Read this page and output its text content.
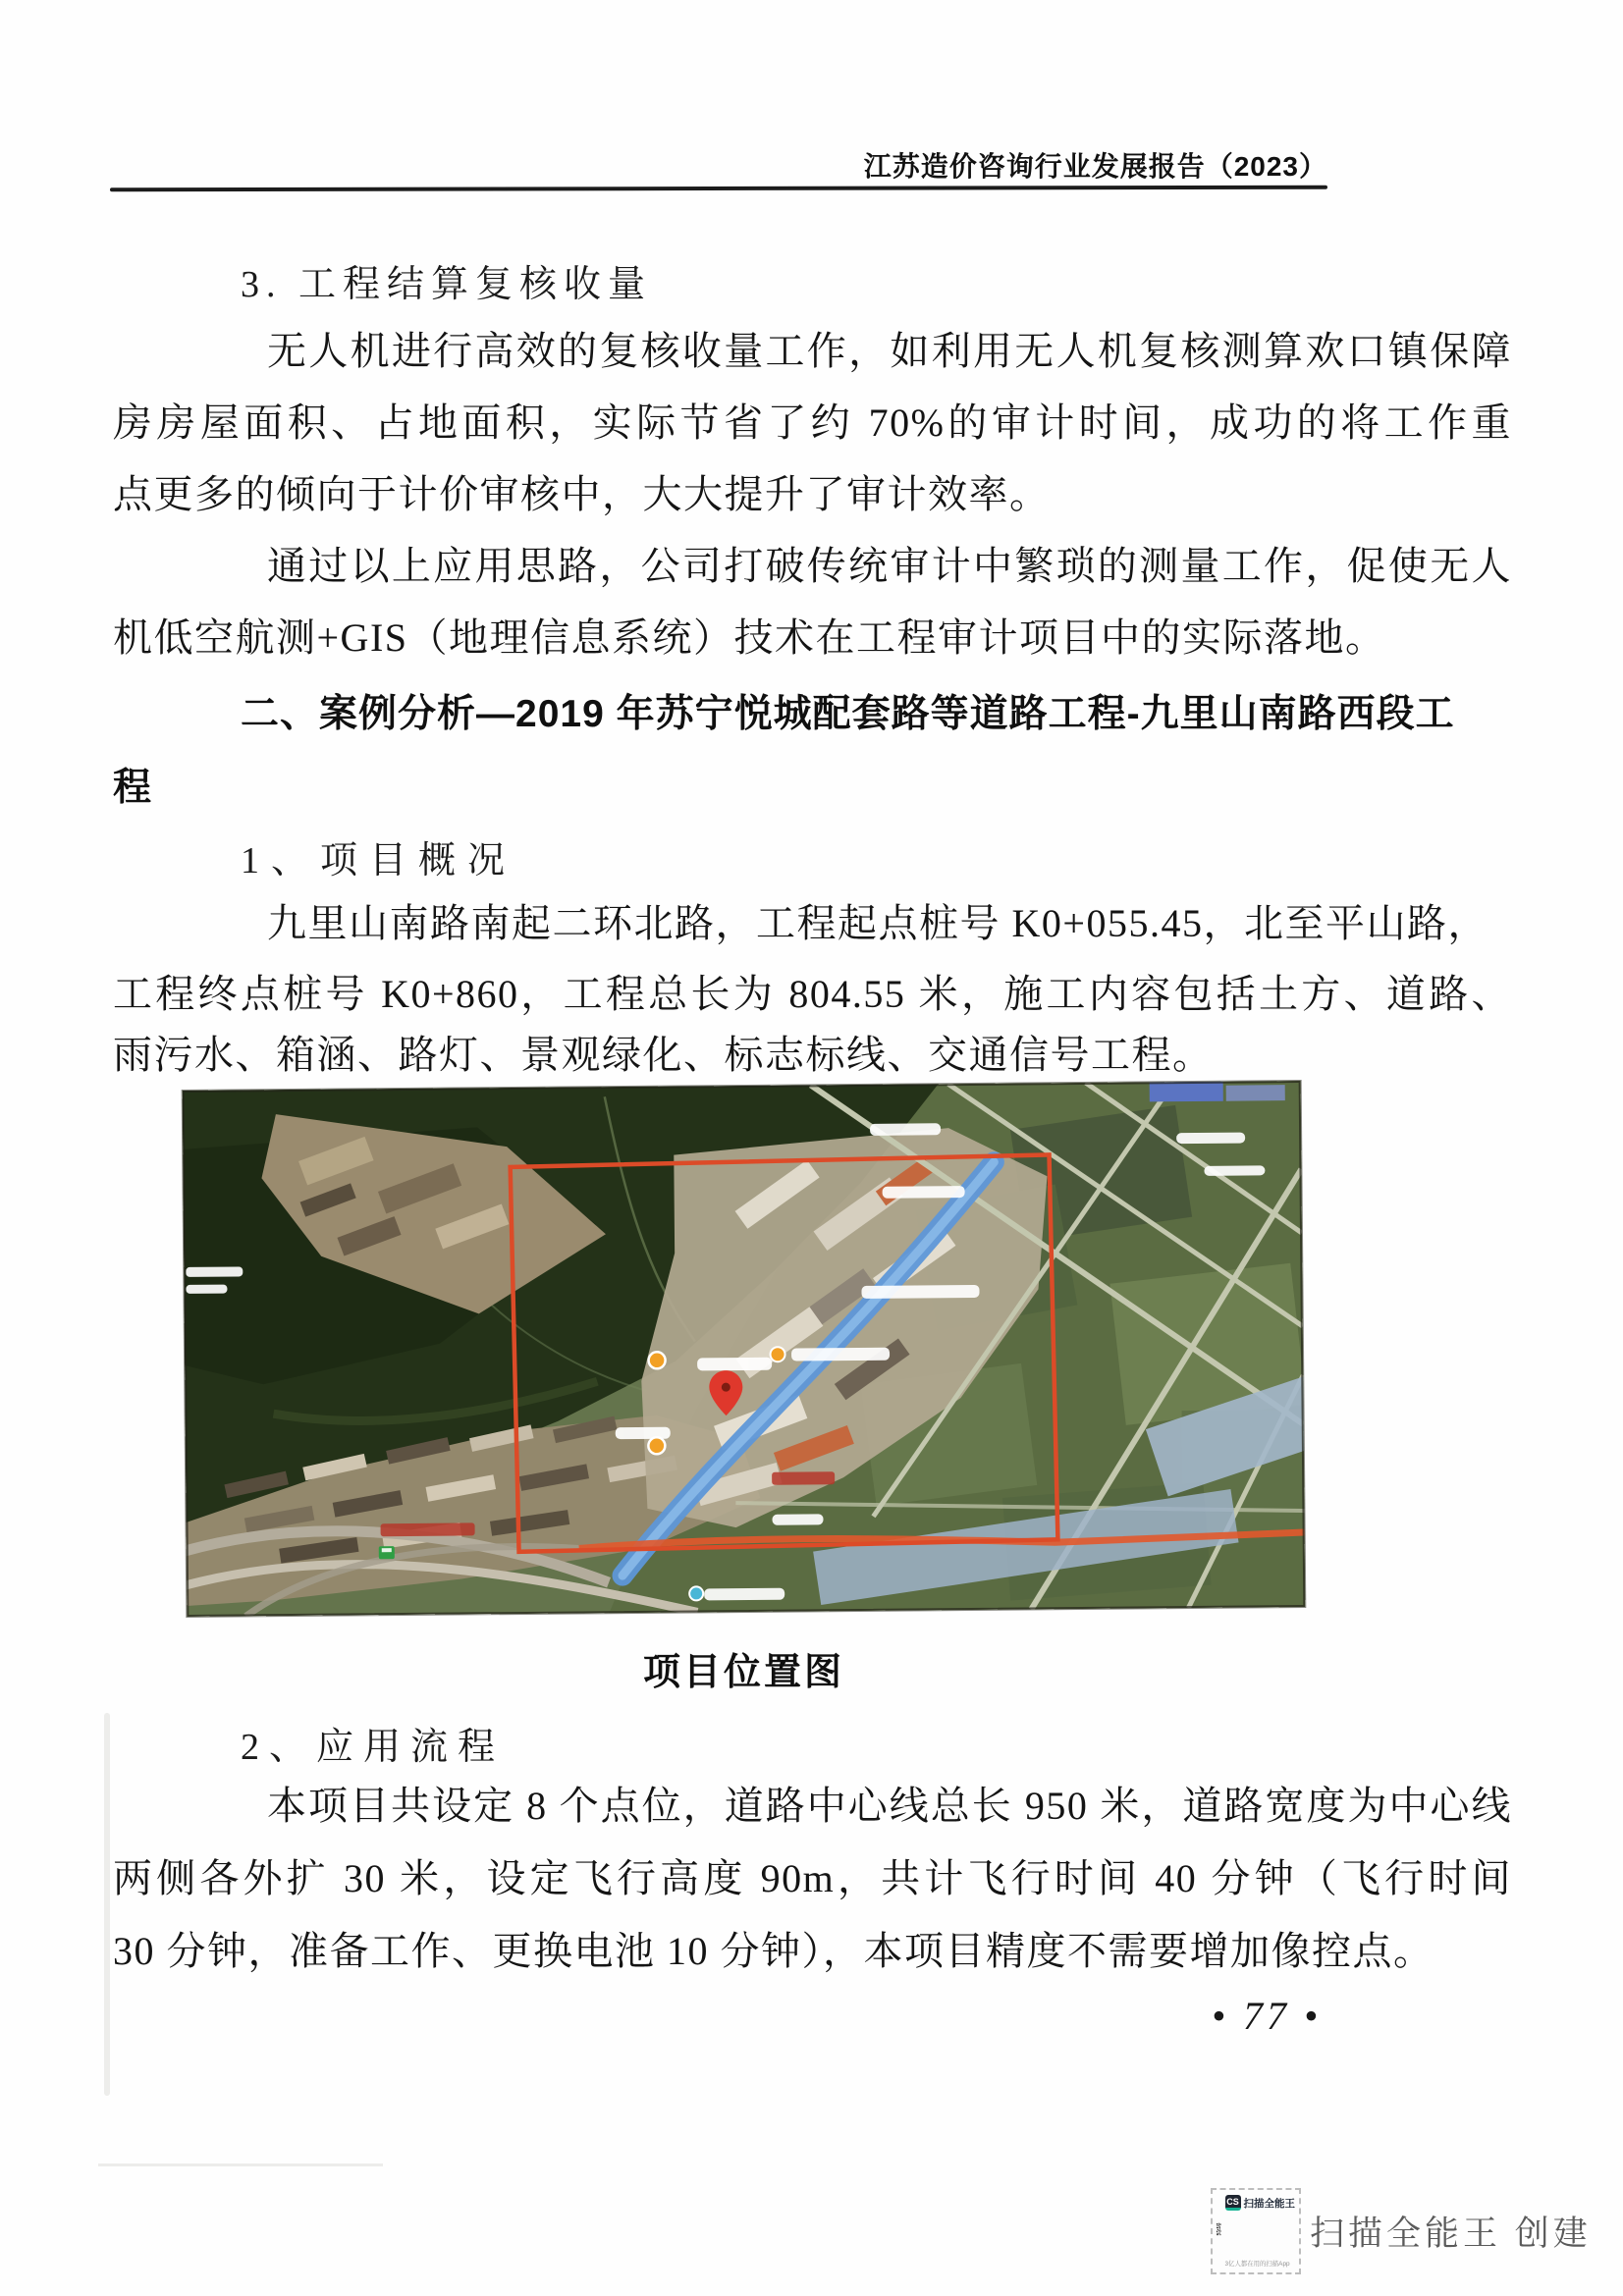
江苏造价咨询行业发展报告（2023）
3. 工程结算复核收量
无人机进行高效的复核收量工作，如利用无人机复核测算欢口镇保障
房房屋面积、占地面积，实际节省了约 70%的审计时间，成功的将工作重
点更多的倾向于计价审核中，大大提升了审计效率。
通过以上应用思路，公司打破传统审计中繁琐的测量工作，促使无人
机低空航测+GIS（地理信息系统）技术在工程审计项目中的实际落地。
二、案例分析—2019 年苏宁悦城配套路等道路工程-九里山南路西段工
程
1、项目概况
九里山南路南起二环北路，工程起点桩号 K0+055.45，北至平山路，
工程终点桩号 K0+860，工程总长为 804.55 米，施工内容包括土方、道路、
雨污水、箱涵、路灯、景观绿化、标志标线、交通信号工程。
项目位置图
2、应用流程
本项目共设定 8 个点位，道路中心线总长 950 米，道路宽度为中心线
两侧各外扩 30 米，设定飞行高度 90m，共计飞行时间 40 分钟（飞行时间
30 分钟，准备工作、更换电池 10 分钟），本项目精度不需要增加像控点。
• 77 •
CS 扫描全能王
3亿人都在用的扫描App
扫描全能王 创建
